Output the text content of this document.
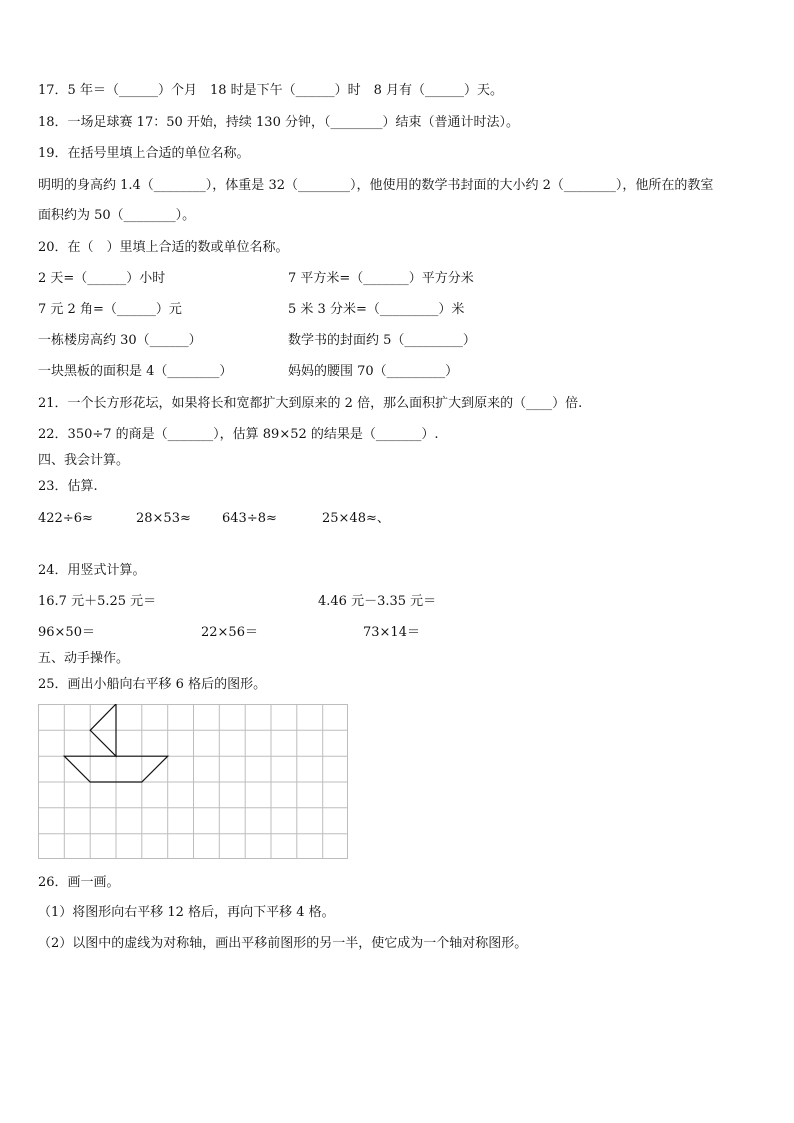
17．5 年＝（______）个月　18 时是下午（______）时　8 月有（______）天。
18．一场足球赛 17：50 开始，持续 130 分钟，（________）结束（普通计时法）。
19．在括号里填上合适的单位名称。
明明的身高约 1.4（________），体重是 32（________），他使用的数学书封面的大小约 2（________），他所在的教室
面积约为 50（________）。
20．在（　）里填上合适的数或单位名称。
2 天=（______）小时	7 平方米=（_______）平方分米
7 元 2 角=（______）元	5 米 3 分米=（_________）米
一栋楼房高约 30（______）	数学书的封面约 5（_________）
一块黑板的面积是 4（________）	妈妈的腰围 70（_________）
21．一个长方形花坛，如果将长和宽都扩大到原来的 2 倍，那么面积扩大到原来的（____）倍.
22．350÷7 的商是（_______），估算 89×52 的结果是（_______）.
四、我会计算。
23．估算.
422÷6≈	28×53≈ 643÷8≈	25×48≈、
24．用竖式计算。
16.7 元＋5.25 元＝	4.46 元－3.35 元＝
96×50＝	22×56＝	73×14＝
五、动手操作。
25．画出小船向右平移 6 格后的图形。
26．画一画。
（1）将图形向右平移 12 格后，再向下平移 4 格。
（2）以图中的虚线为对称轴，画出平移前图形的另一半，使它成为一个轴对称图形。
